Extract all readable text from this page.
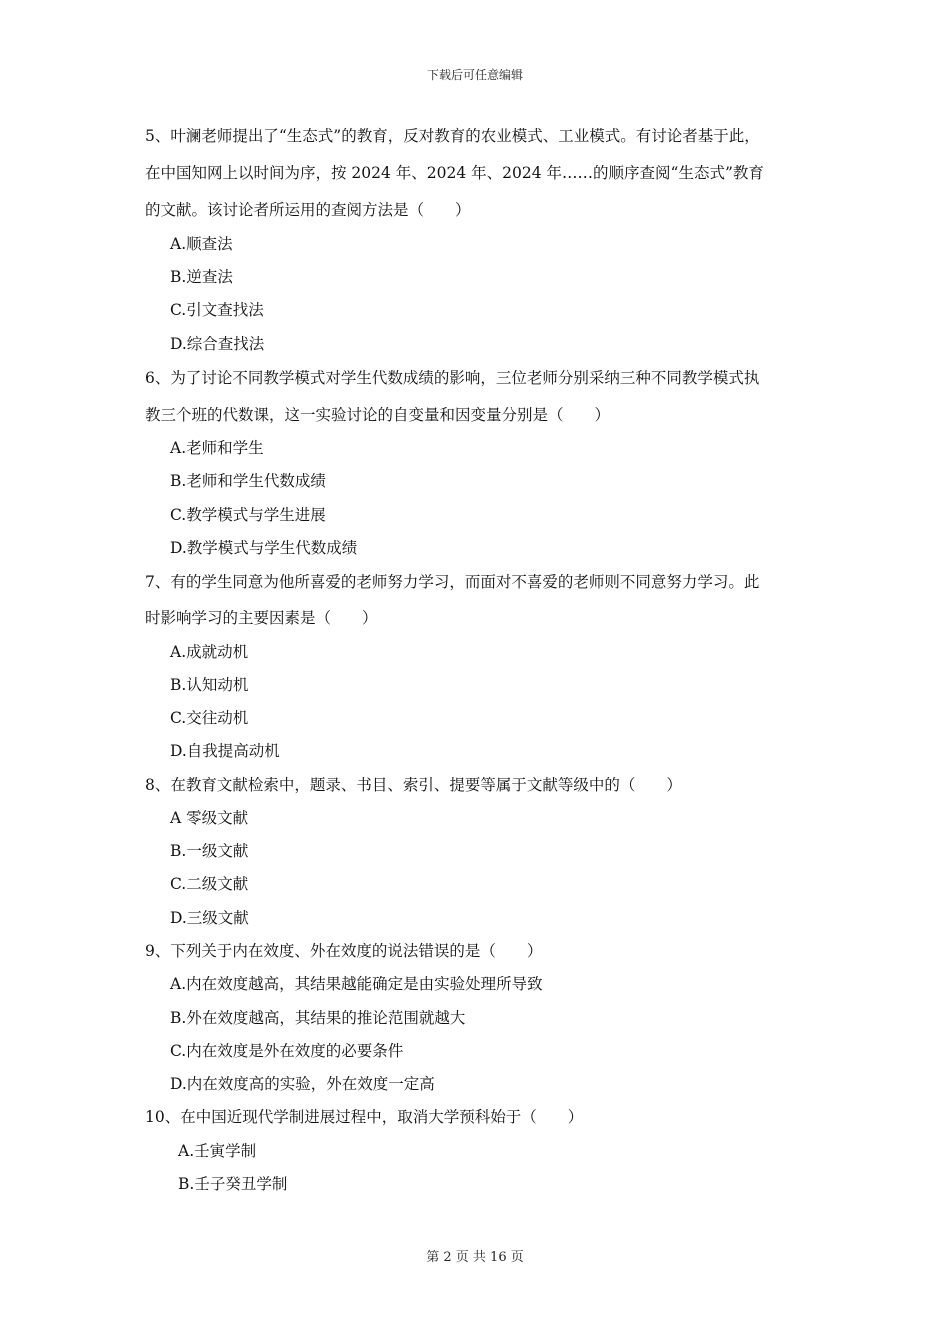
下载后可任意编辑
5、叶澜老师提出了“生态式”的教育，反对教育的农业模式、工业模式。有讨论者基于此，
在中国知网上以时间为序，按 2024 年、2024 年、2024 年……的顺序查阅“生态式”教育
的文献。该讨论者所运用的查阅方法是（　　）
A.顺查法
B.逆查法
C.引文查找法
D.综合查找法
6、为了讨论不同教学模式对学生代数成绩的影响，三位老师分别采纳三种不同教学模式执
教三个班的代数课，这一实验讨论的自变量和因变量分别是（　　）
A.老师和学生
B.老师和学生代数成绩
C.教学模式与学生进展
D.教学模式与学生代数成绩
7、有的学生同意为他所喜爱的老师努力学习，而面对不喜爱的老师则不同意努力学习。此
时影响学习的主要因素是（　　）
A.成就动机
B.认知动机
C.交往动机
D.自我提高动机
8、在教育文献检索中，题录、书目、索引、提要等属于文献等级中的（　　）
A 零级文献
B.一级文献
C.二级文献
D.三级文献
9、下列关于内在效度、外在效度的说法错误的是（　　）
A.内在效度越高，其结果越能确定是由实验处理所导致
B.外在效度越高，其结果的推论范围就越大
C.内在效度是外在效度的必要条件
D.内在效度高的实验，外在效度一定高
10、在中国近现代学制进展过程中，取消大学预科始于（　　）
A.壬寅学制
B.壬子癸丑学制
第 2 页 共 16 页
